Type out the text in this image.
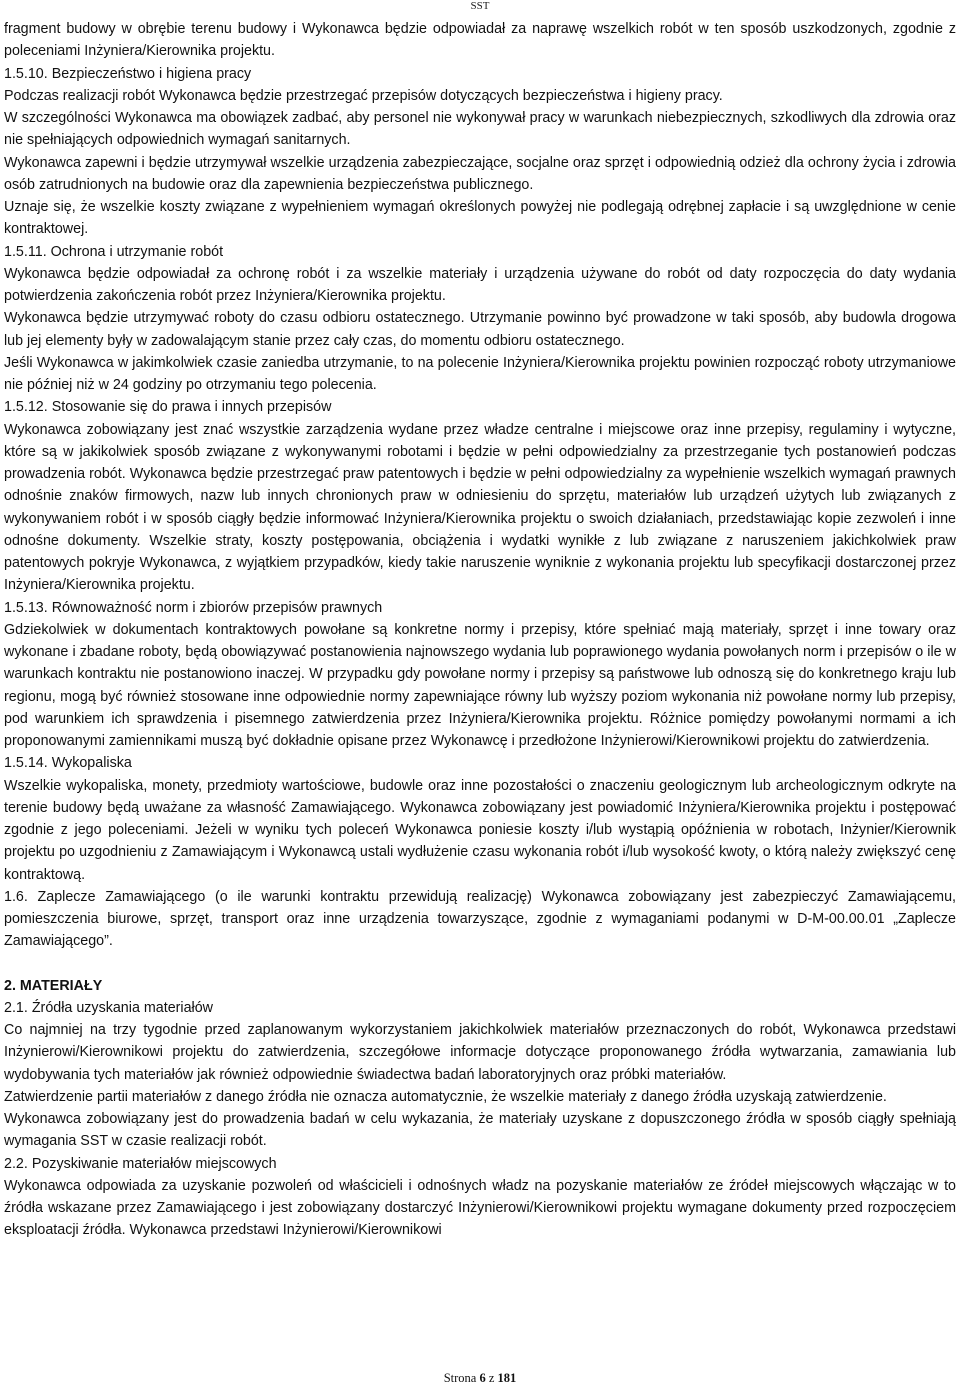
SST

fragment budowy w obrębie terenu budowy i Wykonawca będzie odpowiadał za naprawę wszelkich robót w ten sposób uszkodzonych, zgodnie z poleceniami Inżyniera/Kierownika projektu.

1.5.10. Bezpieczeństwo i higiena pracy

Podczas realizacji robót Wykonawca będzie przestrzegać przepisów dotyczących bezpieczeństwa i higieny pracy.

W szczególności Wykonawca ma obowiązek zadbać, aby personel nie wykonywał pracy w warunkach niebezpiecznych, szkodliwych dla zdrowia oraz nie spełniających odpowiednich wymagań sanitarnych.

Wykonawca zapewni i będzie utrzymywał wszelkie urządzenia zabezpieczające, socjalne oraz sprzęt i odpowiednią odzież dla ochrony życia i zdrowia osób zatrudnionych na budowie oraz dla zapewnienia bezpieczeństwa publicznego.

Uznaje się, że wszelkie koszty związane z wypełnieniem wymagań określonych powyżej nie podlegają odrębnej zapłacie i są uwzględnione w cenie kontraktowej.

1.5.11. Ochrona i utrzymanie robót

Wykonawca będzie odpowiadał za ochronę robót i za wszelkie materiały i urządzenia używane do robót od daty rozpoczęcia do daty wydania potwierdzenia zakończenia robót przez Inżyniera/Kierownika projektu.

Wykonawca będzie utrzymywać roboty do czasu odbioru ostatecznego. Utrzymanie powinno być prowadzone w taki sposób, aby budowla drogowa lub jej elementy były w zadowalającym stanie przez cały czas, do momentu odbioru ostatecznego.

Jeśli Wykonawca w jakimkolwiek czasie zaniedba utrzymanie, to na polecenie Inżyniera/Kierownika projektu powinien rozpocząć roboty utrzymaniowe nie później niż w 24 godziny po otrzymaniu tego polecenia.

1.5.12. Stosowanie się do prawa i innych przepisów

Wykonawca zobowiązany jest znać wszystkie zarządzenia wydane przez władze centralne i miejscowe oraz inne przepisy, regulaminy i wytyczne, które są w jakikolwiek sposób związane z wykonywanymi robotami i będzie w pełni odpowiedzialny za przestrzeganie tych postanowień podczas prowadzenia robót. Wykonawca będzie przestrzegać praw patentowych i będzie w pełni odpowiedzialny za wypełnienie wszelkich wymagań prawnych odnośnie znaków firmowych, nazw lub innych chronionych praw w odniesieniu do sprzętu, materiałów lub urządzeń użytych lub związanych z wykonywaniem robót i w sposób ciągły będzie informować Inżyniera/Kierownika projektu o swoich działaniach, przedstawiając kopie zezwoleń i inne odnośne dokumenty. Wszelkie straty, koszty postępowania, obciążenia i wydatki wynikłe z lub związane z naruszeniem jakichkolwiek praw patentowych pokryje Wykonawca, z wyjątkiem przypadków, kiedy takie naruszenie wyniknie z wykonania projektu lub specyfikacji dostarczonej przez Inżyniera/Kierownika projektu.

1.5.13. Równoważność norm i zbiorów przepisów prawnych

Gdziekolwiek w dokumentach kontraktowych powołane są konkretne normy i przepisy, które spełniać mają materiały, sprzęt i inne towary oraz wykonane i zbadane roboty, będą obowiązywać postanowienia najnowszego wydania lub poprawionego wydania powołanych norm i przepisów o ile w warunkach kontraktu nie postanowiono inaczej. W przypadku gdy powołane normy i przepisy są państwowe lub odnoszą się do konkretnego kraju lub regionu, mogą być również stosowane inne odpowiednie normy zapewniające równy lub wyższy poziom wykonania niż powołane normy lub przepisy, pod warunkiem ich sprawdzenia i pisemnego zatwierdzenia przez Inżyniera/Kierownika projektu. Różnice pomiędzy powołanymi normami a ich proponowanymi zamiennikami muszą być dokładnie opisane przez Wykonawcę i przedłożone Inżynierowi/Kierownikowi projektu do zatwierdzenia.

1.5.14. Wykopaliska

Wszelkie wykopaliska, monety, przedmioty wartościowe, budowle oraz inne pozostałości o znaczeniu geologicznym lub archeologicznym odkryte na terenie budowy będą uważane za własność Zamawiającego. Wykonawca zobowiązany jest powiadomić Inżyniera/Kierownika projektu i postępować zgodnie z jego poleceniami. Jeżeli w wyniku tych poleceń Wykonawca poniesie koszty i/lub wystąpią opóźnienia w robotach, Inżynier/Kierownik projektu po uzgodnieniu z Zamawiającym i Wykonawcą ustali wydłużenie czasu wykonania robót i/lub wysokość kwoty, o którą należy zwiększyć cenę kontraktową.

1.6. Zaplecze Zamawiającego (o ile warunki kontraktu przewidują realizację) Wykonawca zobowiązany jest zabezpieczyć Zamawiającemu, pomieszczenia biurowe, sprzęt, transport oraz inne urządzenia towarzyszące, zgodnie z wymaganiami podanymi w D-M-00.00.01 „Zaplecze Zamawiającego”.

2. MATERIAŁY

2.1. Źródła uzyskania materiałów

Co najmniej na trzy tygodnie przed zaplanowanym wykorzystaniem jakichkolwiek materiałów przeznaczonych do robót, Wykonawca przedstawi Inżynierowi/Kierownikowi projektu do zatwierdzenia, szczegółowe informacje dotyczące proponowanego źródła wytwarzania, zamawiania lub wydobywania tych materiałów jak również odpowiednie świadectwa badań laboratoryjnych oraz próbki materiałów.

Zatwierdzenie partii materiałów z danego źródła nie oznacza automatycznie, że wszelkie materiały z danego źródła uzyskają zatwierdzenie.

Wykonawca zobowiązany jest do prowadzenia badań w celu wykazania, że materiały uzyskane z dopuszczonego źródła w sposób ciągły spełniają wymagania SST w czasie realizacji robót.

2.2. Pozyskiwanie materiałów miejscowych

Wykonawca odpowiada za uzyskanie pozwoleń od właścicieli i odnośnych władz na pozyskanie materiałów ze źródeł miejscowych włączając w to źródła wskazane przez Zamawiającego i jest zobowiązany dostarczyć Inżynierowi/Kierownikowi projektu wymagane dokumenty przed rozpoczęciem eksploatacji źródła. Wykonawca przedstawi Inżynierowi/Kierownikowi

Strona 6 z 181
